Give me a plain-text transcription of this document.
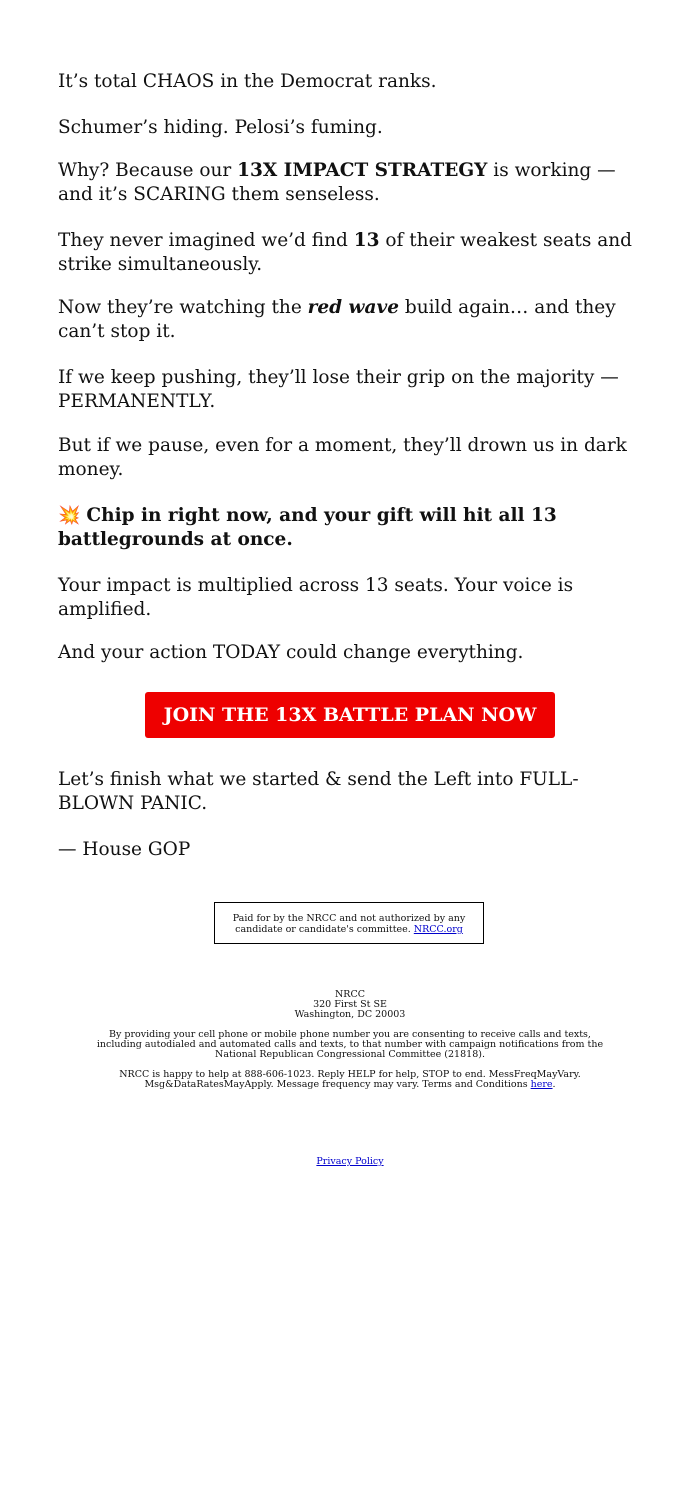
It’s total CHAOS in the Democrat ranks.

Schumer’s hiding. Pelosi’s fuming.

Why? Because our 13X IMPACT STRATEGY is working — and it’s SCARING them senseless.

They never imagined we’d find 13 of their weakest seats and strike simultaneously.

Now they’re watching the red wave build again… and they can’t stop it.

If we keep pushing, they’ll lose their grip on the majority — PERMANENTLY.

But if we pause, even for a moment, they’ll drown us in dark money.

💥 Chip in right now, and your gift will hit all 13 battlegrounds at once.

Your impact is multiplied across 13 seats. Your voice is amplified.

And your action TODAY could change everything.

Let’s finish what we started & send the Left into FULL-BLOWN PANIC.

— House GOP

JOIN THE 13X BATTLE PLAN NOW
Paid for by the NRCC and not authorized by any candidate or candidate's committee. NRCC.org

NRCC

320 First St SE

Washington, DC 20003

By providing your cell phone or mobile phone number you are consenting to receive calls and texts, including autodialed and automated calls and texts, to that number with campaign notifications from the National Republican Congressional Committee (21818).

NRCC is happy to help at 888-606-1023. Reply HELP for help, STOP to end. MessFreqMayVary. Msg&DataRatesMayApply. Message frequency may vary. Terms and Conditions here.

Privacy Policy
